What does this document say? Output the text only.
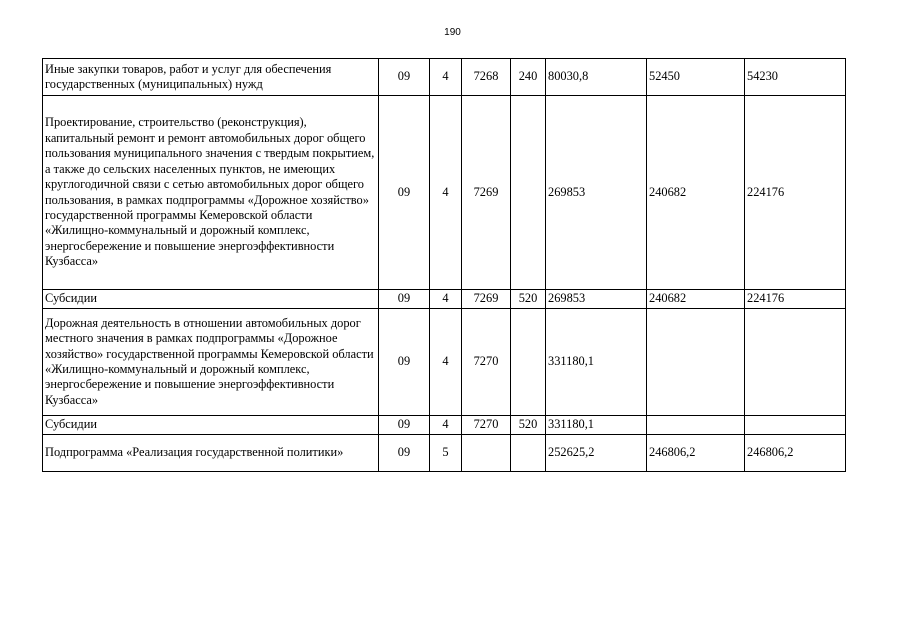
190
Иные закупки товаров, работ и услуг для обеспечения государственных (муниципальных) нужд	09	4	7268	240	80030,8	52450	54230
Проектирование, строительство (реконструкция), капитальный ремонт и ремонт автомобильных дорог общего пользования муниципального значения с твердым покрытием, а также до сельских населенных пунктов, не имеющих круглогодичной связи с сетью автомобильных дорог общего пользования, в рамках подпрограммы «Дорожное хозяйство» государственной программы Кемеровской области «Жилищно-коммунальный и дорожный комплекс, энергосбережение и повышение энергоэффективности Кузбасса»	09	4	7269		269853	240682	224176
Субсидии	09	4	7269	520	269853	240682	224176
Дорожная деятельность в отношении автомобильных дорог местного значения в рамках подпрограммы «Дорожное хозяйство» государственной программы Кемеровской области «Жилищно-коммунальный и дорожный комплекс, энергосбережение и повышение энергоэффективности Кузбасса»	09	4	7270		331180,1		
Субсидии	09	4	7270	520	331180,1		
Подпрограмма «Реализация государственной политики»	09	5			252625,2	246806,2	246806,2
